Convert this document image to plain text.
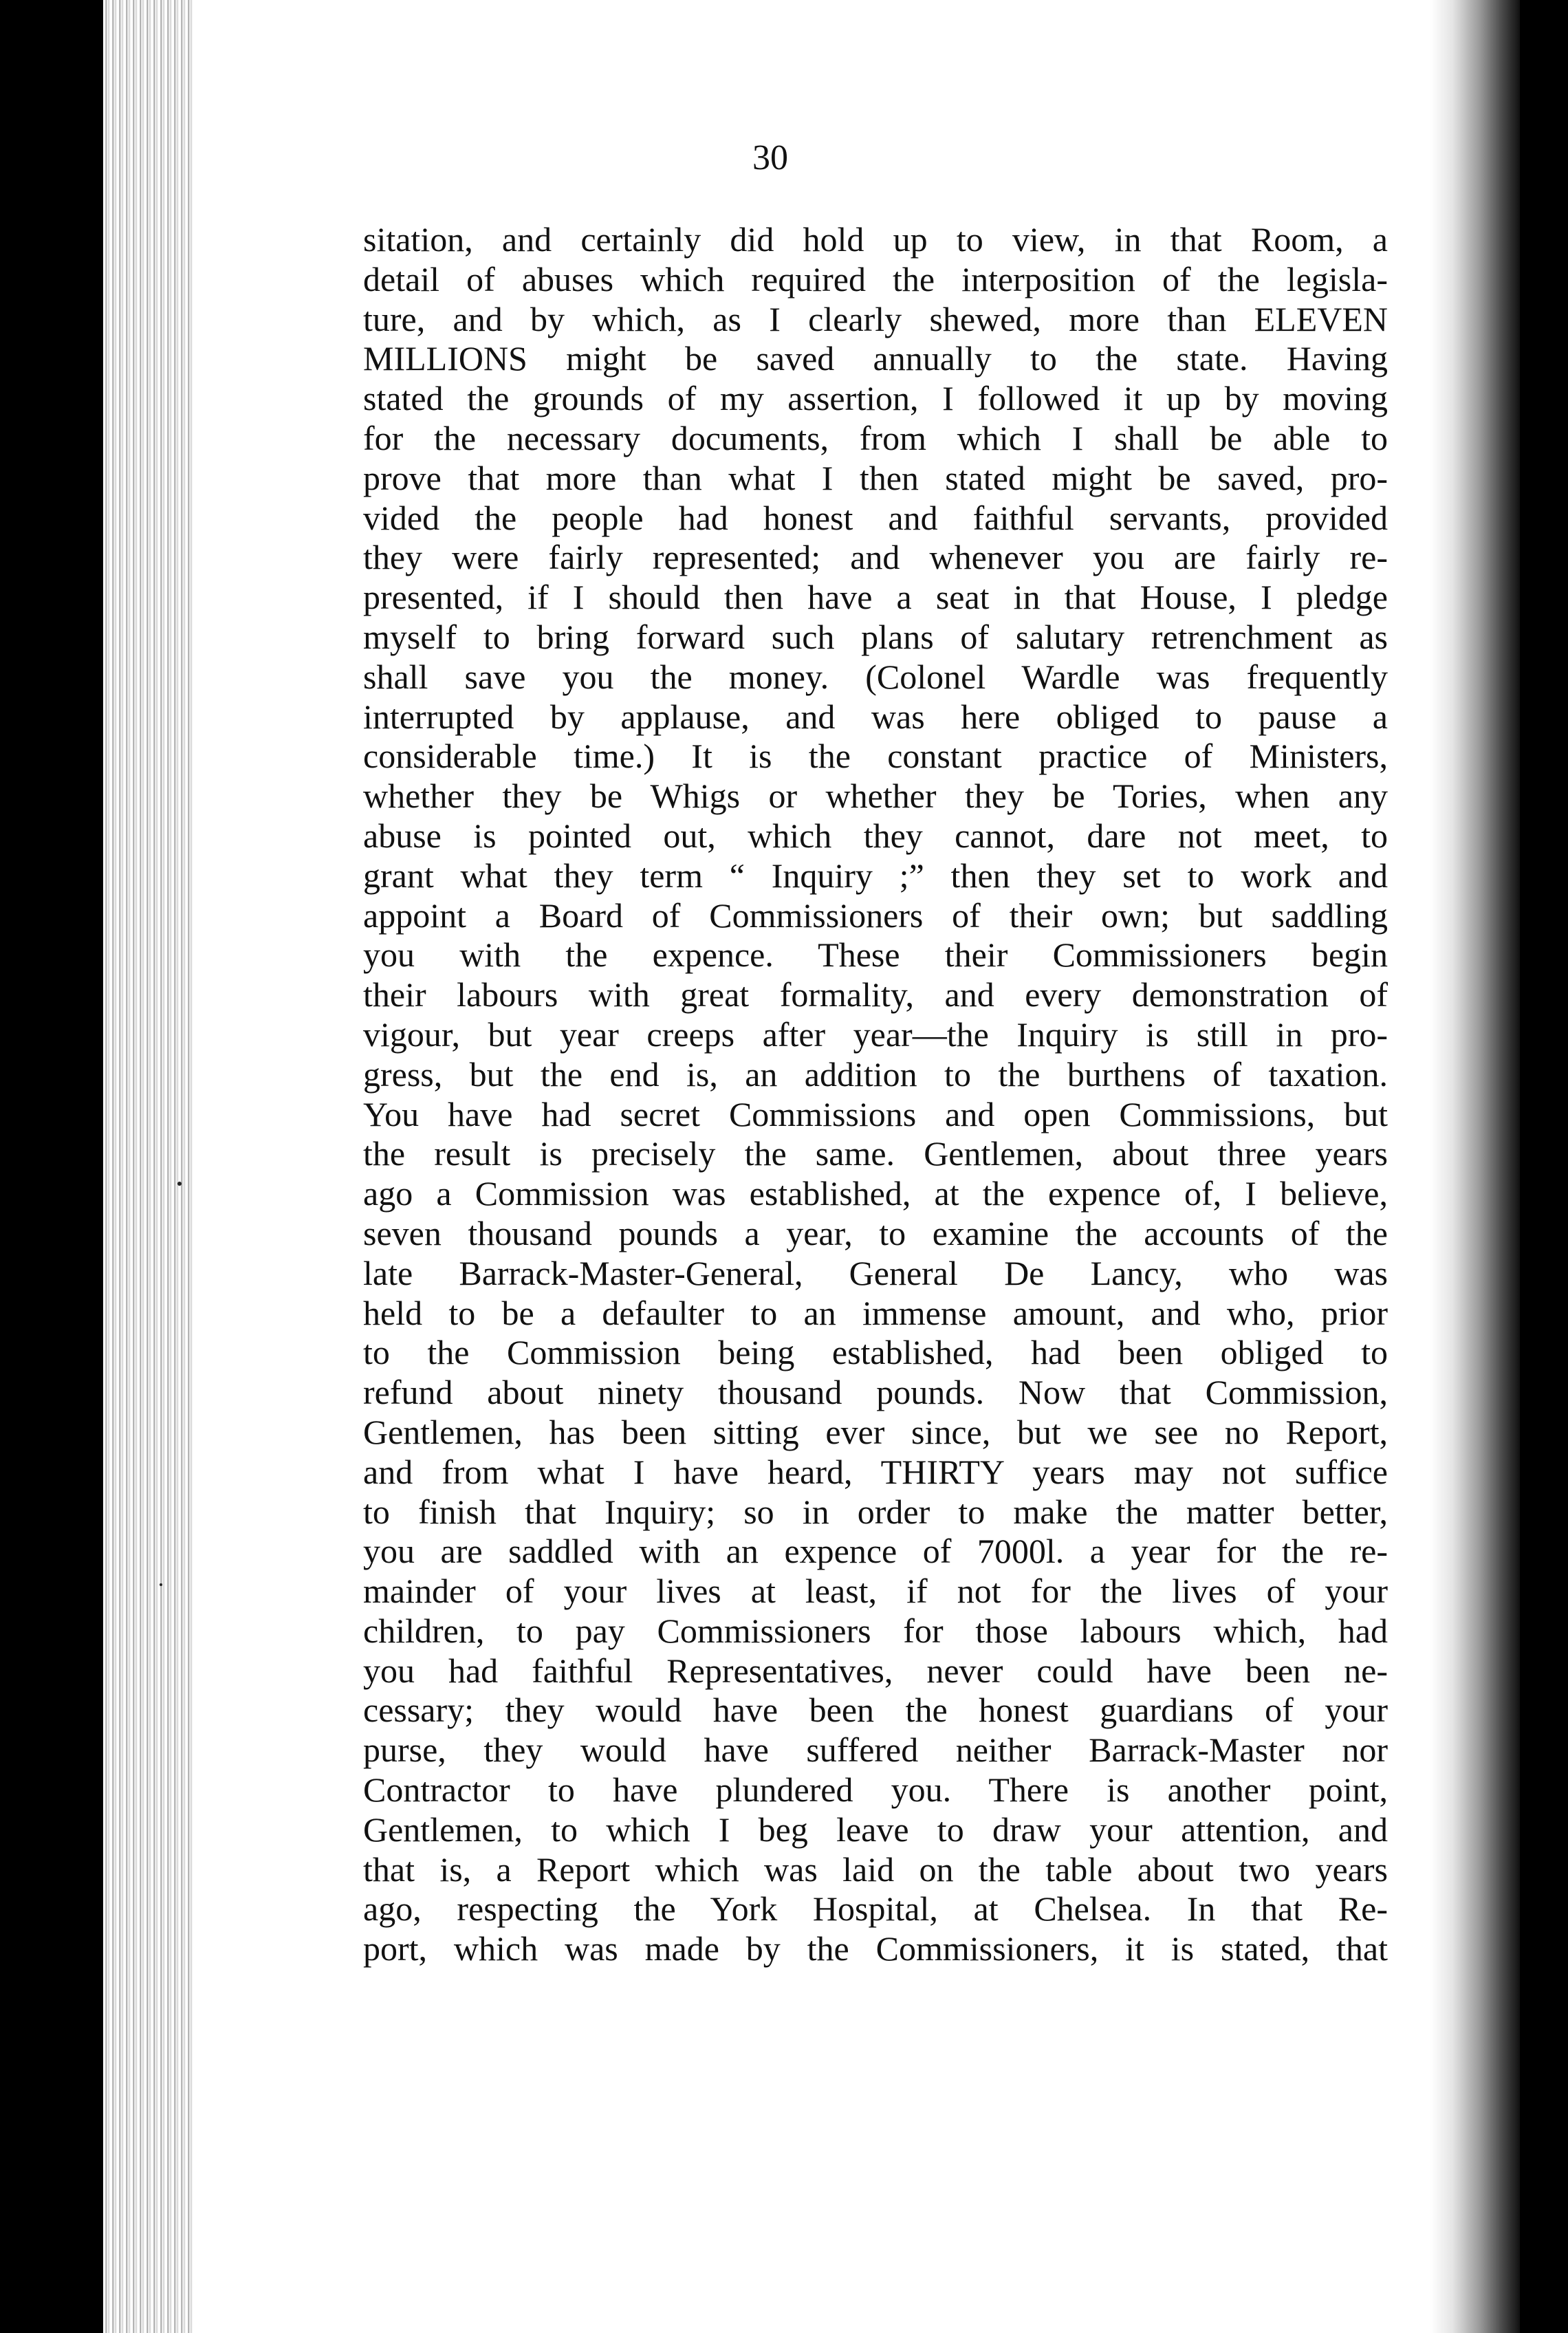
30

sitation, and certainly did hold up to view, in that Room, a
detail of abuses which required the interposition of the legisla-
ture, and by which, as I clearly shewed, more than ELEVEN
MILLIONS might be saved annually to the state. Having
stated the grounds of my assertion, I followed it up by moving
for the necessary documents, from which I shall be able to
prove that more than what I then stated might be saved, pro-
vided the people had honest and faithful servants, provided
they were fairly represented; and whenever you are fairly re-
presented, if I should then have a seat in that House, I pledge
myself to bring forward such plans of salutary retrenchment as
shall save you the money. (Colonel Wardle was frequently
interrupted by applause, and was here obliged to pause a
considerable time.) It is the constant practice of Ministers,
whether they be Whigs or whether they be Tories, when any
abuse is pointed out, which they cannot, dare not meet, to
grant what they term “ Inquiry ;” then they set to work and
appoint a Board of Commissioners of their own; but saddling
you with the expence. These their Commissioners begin
their labours with great formality, and every demonstration of
vigour, but year creeps after year—the Inquiry is still in pro-
gress, but the end is, an addition to the burthens of taxation.
You have had secret Commissions and open Commissions, but
the result is precisely the same. Gentlemen, about three years
ago a Commission was established, at the expence of, I believe,
seven thousand pounds a year, to examine the accounts of the
late Barrack-Master-General, General De Lancy, who was
held to be a defaulter to an immense amount, and who, prior
to the Commission being established, had been obliged to
refund about ninety thousand pounds. Now that Commission,
Gentlemen, has been sitting ever since, but we see no Report,
and from what I have heard, THIRTY years may not suffice
to finish that Inquiry; so in order to make the matter better,
you are saddled with an expence of 7000l. a year for the re-
mainder of your lives at least, if not for the lives of your
children, to pay Commissioners for those labours which, had
you had faithful Representatives, never could have been ne-
cessary; they would have been the honest guardians of your
purse, they would have suffered neither Barrack-Master nor
Contractor to have plundered you. There is another point,
Gentlemen, to which I beg leave to draw your attention, and
that is, a Report which was laid on the table about two years
ago, respecting the York Hospital, at Chelsea. In that Re-
port, which was made by the Commissioners, it is stated, that
